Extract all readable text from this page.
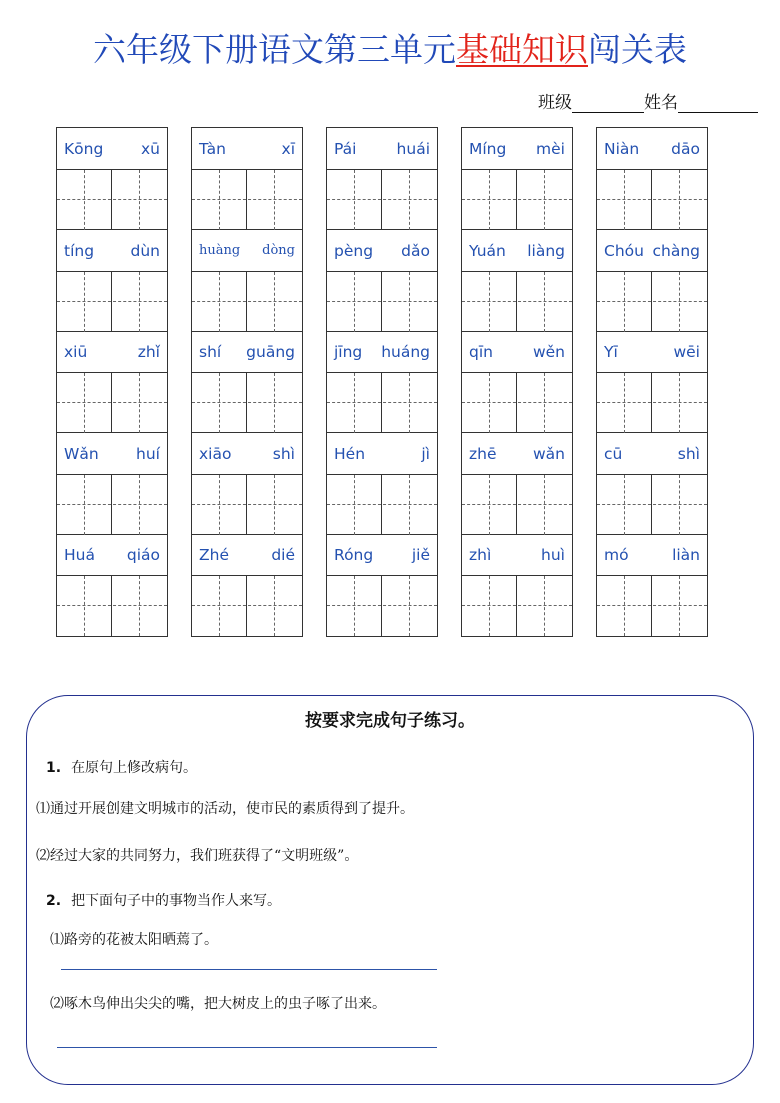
六年级下册语文第三单元基础知识闯关表
班级	姓名
Kōng xū
tíng dùn
xiū	zhǐ
Wǎn huí
Huá qiáo
Tàn	xī
huàng dòng
shí guāng
xiāo	shì
Zhé	dié
Pái	huái
pèng dǎo
jīng huáng
Hén	jì
Róng jiě
Míng mèi
Yuán liàng
qīn	wěn
zhē wǎn
zhì	huì
Niàn dāo
Chóu chàng
Yī	wēi
cū	shì
mó	liàn
按要求完成句子练习。
1. 在原句上修改病句。
⑴通过开展创建文明城市的活动，使市民的素质得到了提升。
⑵经过大家的共同努力，我们班获得了“文明班级”。
2. 把下面句子中的事物当作人来写。
⑴路旁的花被太阳晒蔫了。
⑵啄木鸟伸出尖尖的嘴，把大树皮上的虫子啄了出来。
